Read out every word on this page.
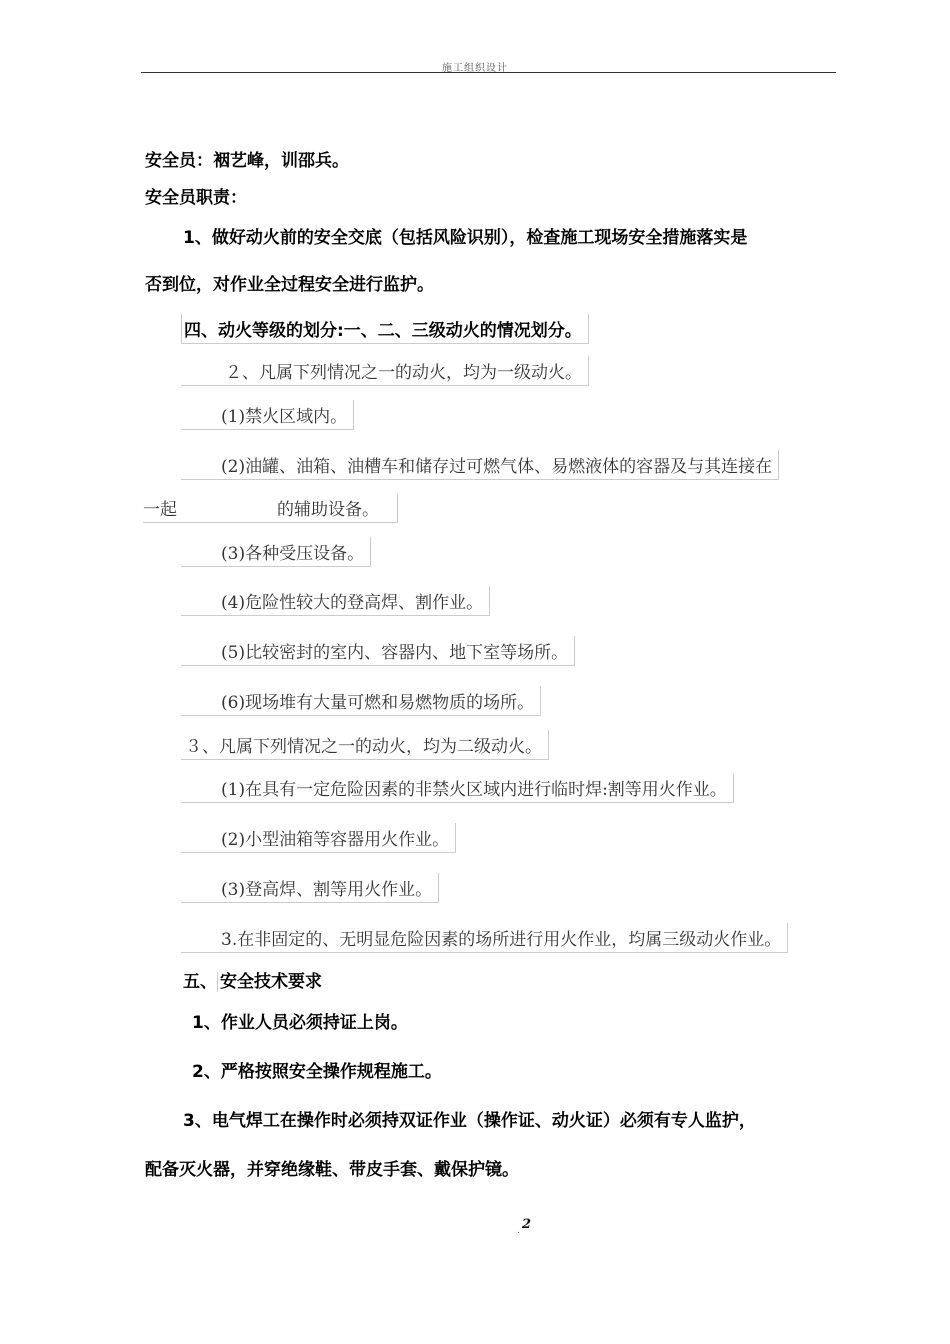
施工组织设计
安全员：裀艺峰，训邵兵。
安全员职责：
1、做好动火前的安全交底（包括风险识别），检查施工现场安全措施落实是
否到位，对作业全过程安全进行监护。
四、动火等级的划分:一、二、三级动火的情况划分。
２、凡属下列情况之一的动火，均为一级动火。
(1)禁火区域内。
(2)油罐、油箱、油槽车和储存过可燃气体、易燃液体的容器及与其连接在
一起	的辅助设备。
(3)各种受压设备。
(4)危险性较大的登高焊、割作业。
(5)比较密封的室内、容器内、地下室等场所。
(6)现场堆有大量可燃和易燃物质的场所。
３、凡属下列情况之一的动火，均为二级动火。
(1)在具有一定危险因素的非禁火区域内进行临时焊:割等用火作业。
(2)小型油箱等容器用火作业。
(3)登高焊、割等用火作业。
3.在非固定的、无明显危险因素的场所进行用火作业，均属三级动火作业。
五、 安全技术要求
1、作业人员必须持证上岗。
2、严格按照安全操作规程施工。
3、电气焊工在操作时必须持双证作业（操作证、动火证）必须有专人监护，
配备灭火器，并穿绝缘鞋、带皮手套、戴保护镜。
2
.
